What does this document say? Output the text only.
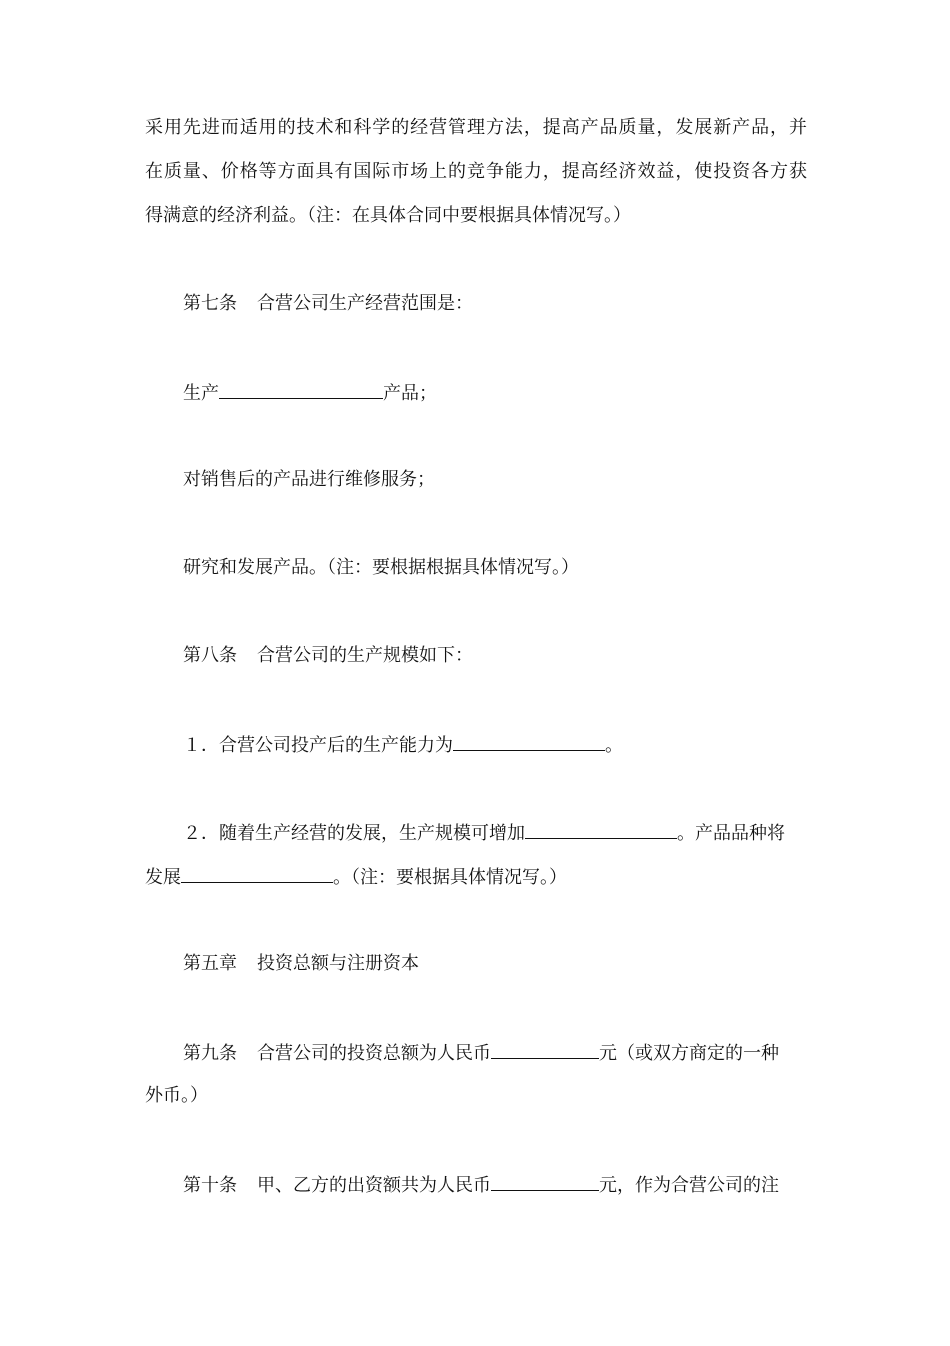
采用先进而适用的技术和科学的经营管理方法，提高产品质量，发展新产品，并
在质量、价格等方面具有国际市场上的竞争能力，提高经济效益，使投资各方获
得满意的经济利益。（注：在具体合同中要根据具体情况写。）
第七条 合营公司生产经营范围是：
生产	产品；
对销售后的产品进行维修服务；
研究和发展产品。（注：要根据根据具体情况写。）
第八条 合营公司的生产规模如下：
１．合营公司投产后的生产能力为	。
２．随着生产经营的发展，生产规模可增加	。产品品种将
发展	。（注：要根据具体情况写。）
第五章 投资总额与注册资本
第九条 合营公司的投资总额为人民币	元（或双方商定的一种
外币。）
第十条 甲、乙方的出资额共为人民币	元，作为合营公司的注
